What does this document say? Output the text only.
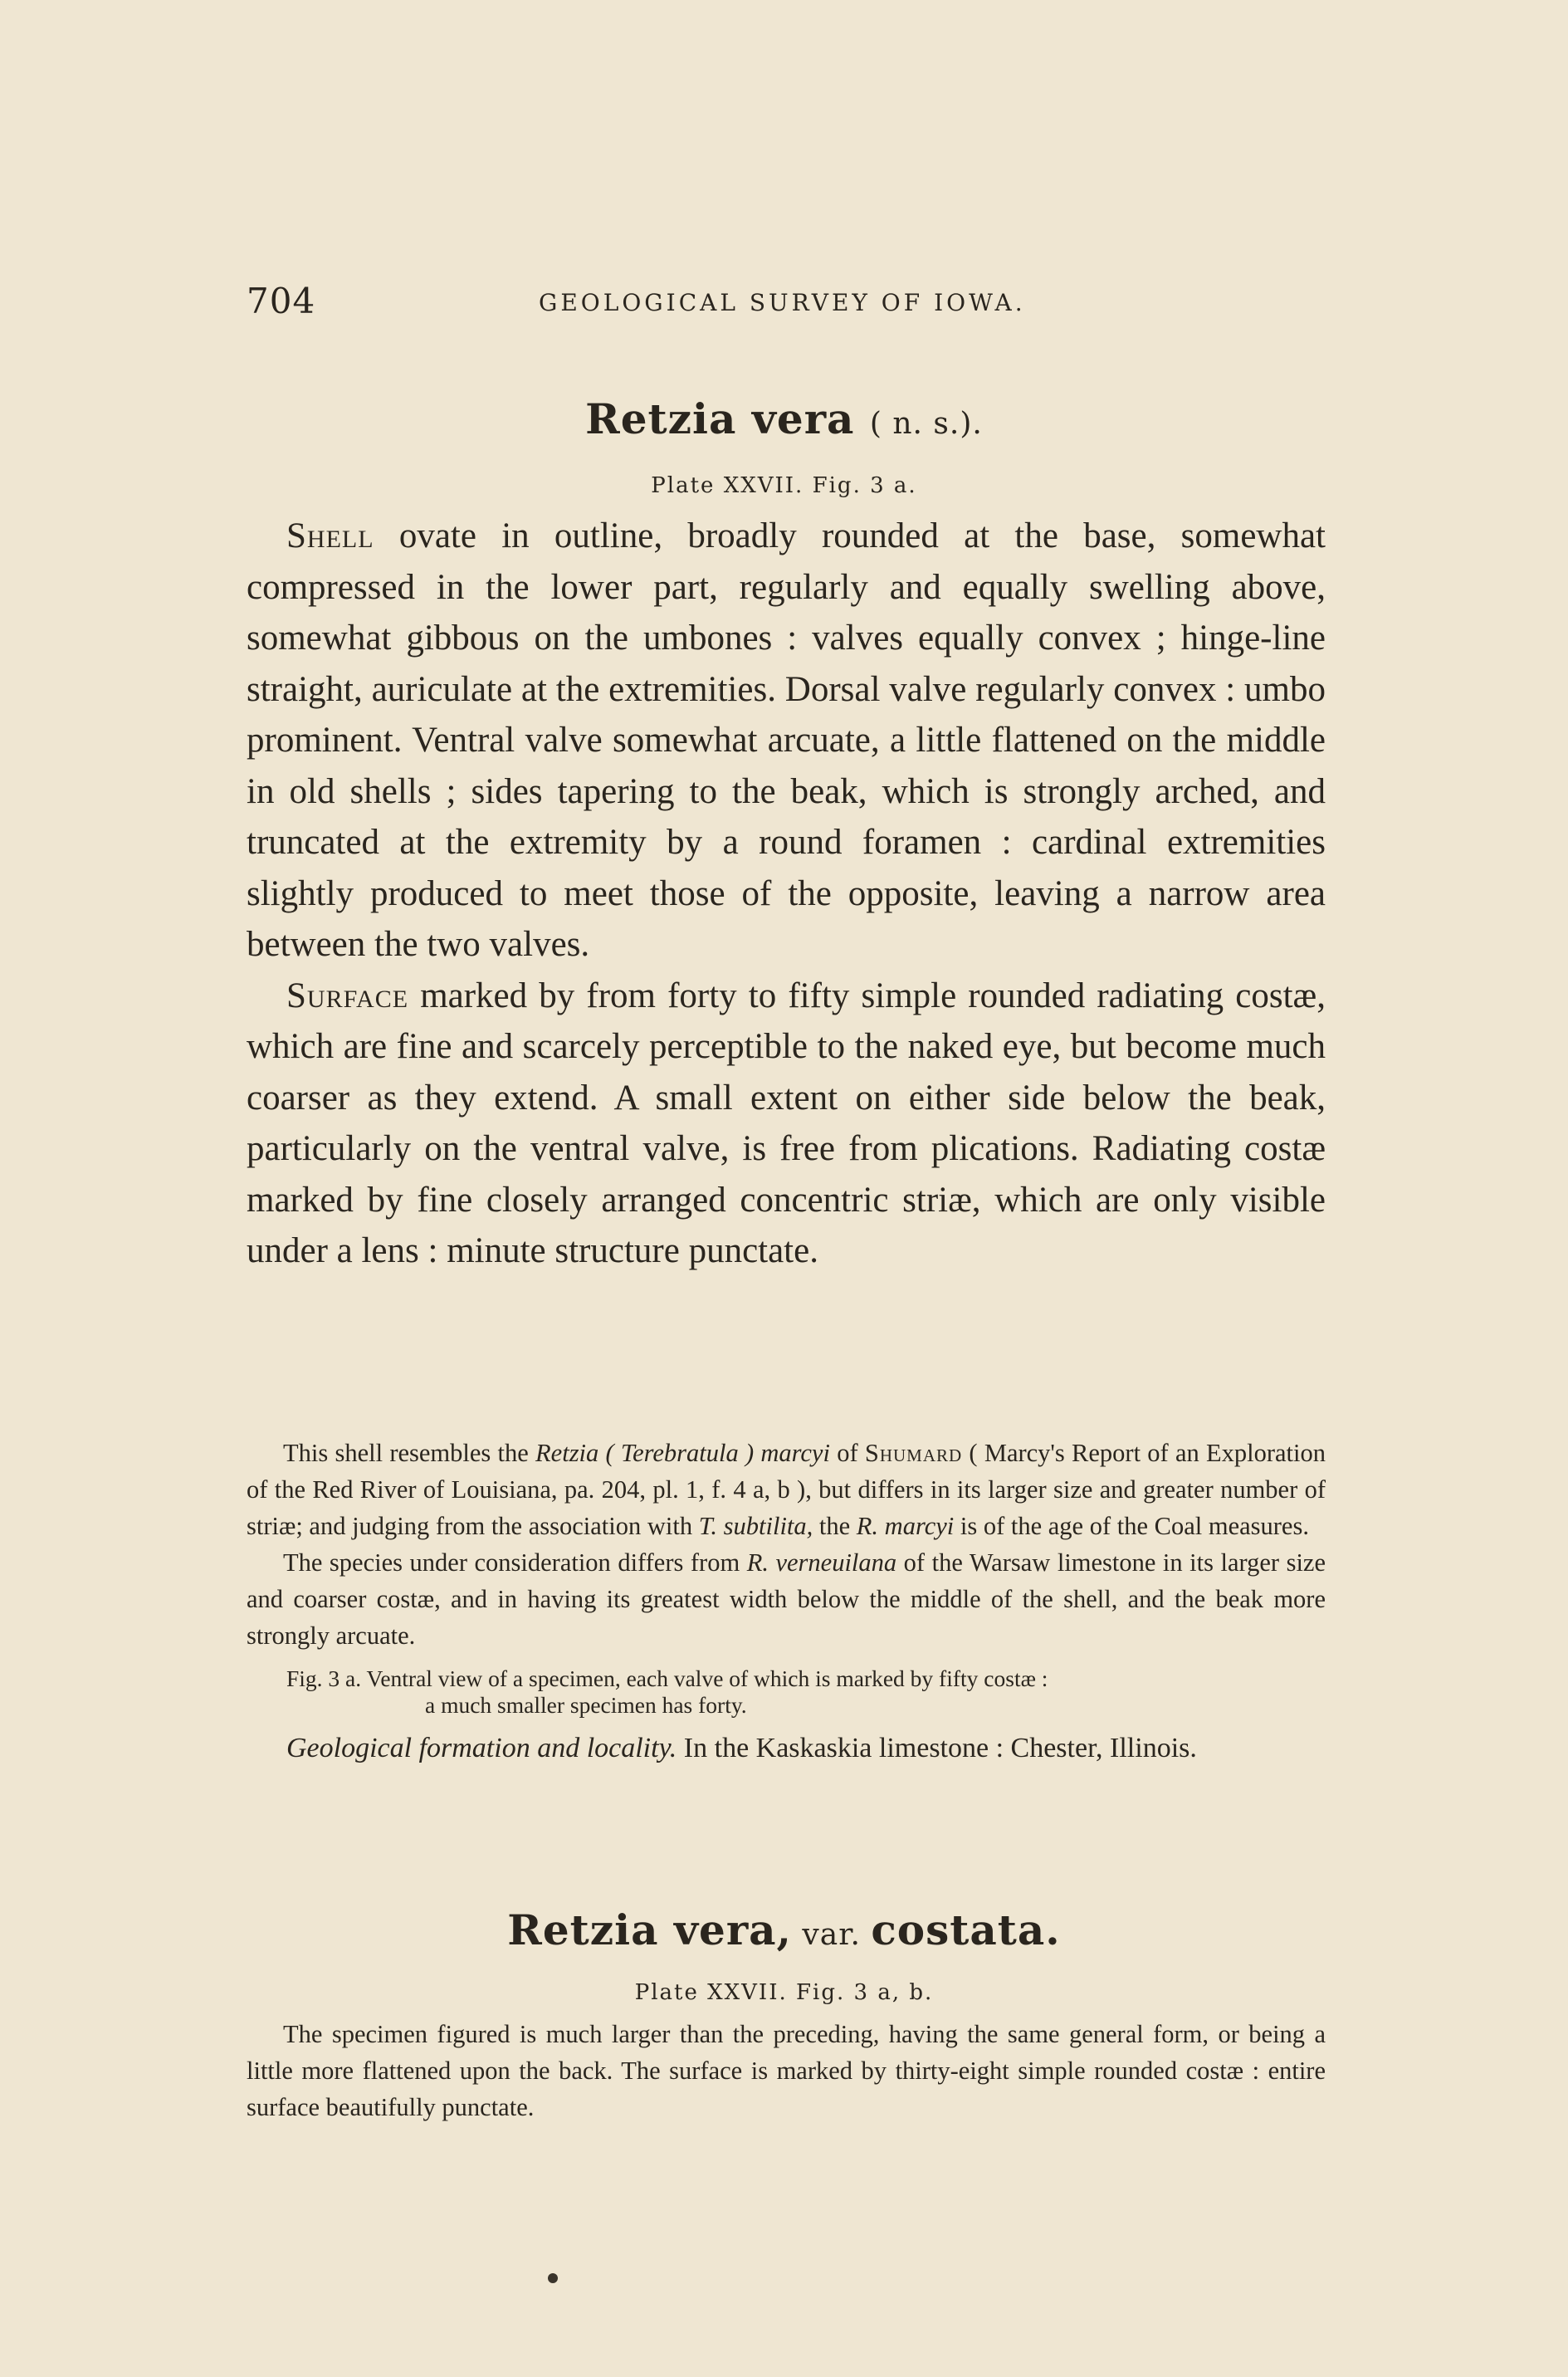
704	GEOLOGICAL SURVEY OF IOWA.
Retzia vera ( n. s.).
Plate XXVII. Fig. 3 a.

Shell ovate in outline, broadly rounded at the base, somewhat compressed in the lower part, regularly and equally swelling above, somewhat gibbous on the umbones : valves equally convex ; hinge-line straight, auriculate at the extremities. Dorsal valve regularly convex : umbo prominent. Ventral valve somewhat arcuate, a little flattened on the middle in old shells ; sides tapering to the beak, which is strongly arched, and truncated at the extremity by a round foramen : cardinal extremities slightly produced to meet those of the opposite, leaving a narrow area between the two valves.

Surface marked by from forty to fifty simple rounded radiating costæ, which are fine and scarcely perceptible to the naked eye, but become much coarser as they extend. A small extent on either side below the beak, particularly on the ventral valve, is free from plications. Radiating costæ marked by fine closely arranged concentric striæ, which are only visible under a lens : minute structure punctate.

This shell resembles the Retzia ( Terebratula ) marcyi of Shumard ( Marcy's Report of an Exploration of the Red River of Louisiana, pa. 204, pl. 1, f. 4 a, b ), but differs in its larger size and greater number of striæ; and judging from the association with T. subtilita, the R. marcyi is of the age of the Coal measures.

The species under consideration differs from R. verneuilana of the Warsaw limestone in its larger size and coarser costæ, and in having its greatest width below the middle of the shell, and the beak more strongly arcuate.

Fig. 3 a. Ventral view of a specimen, each valve of which is marked by fifty costæ :
a much smaller specimen has forty.

Geological formation and locality. In the Kaskaskia limestone : Chester, Illinois.

Retzia vera, var. costata.
Plate XXVII. Fig. 3 a, b.

The specimen figured is much larger than the preceding, having the same general form, or being a little more flattened upon the back. The surface is marked by thirty-eight simple rounded costæ : entire surface beautifully punctate.
